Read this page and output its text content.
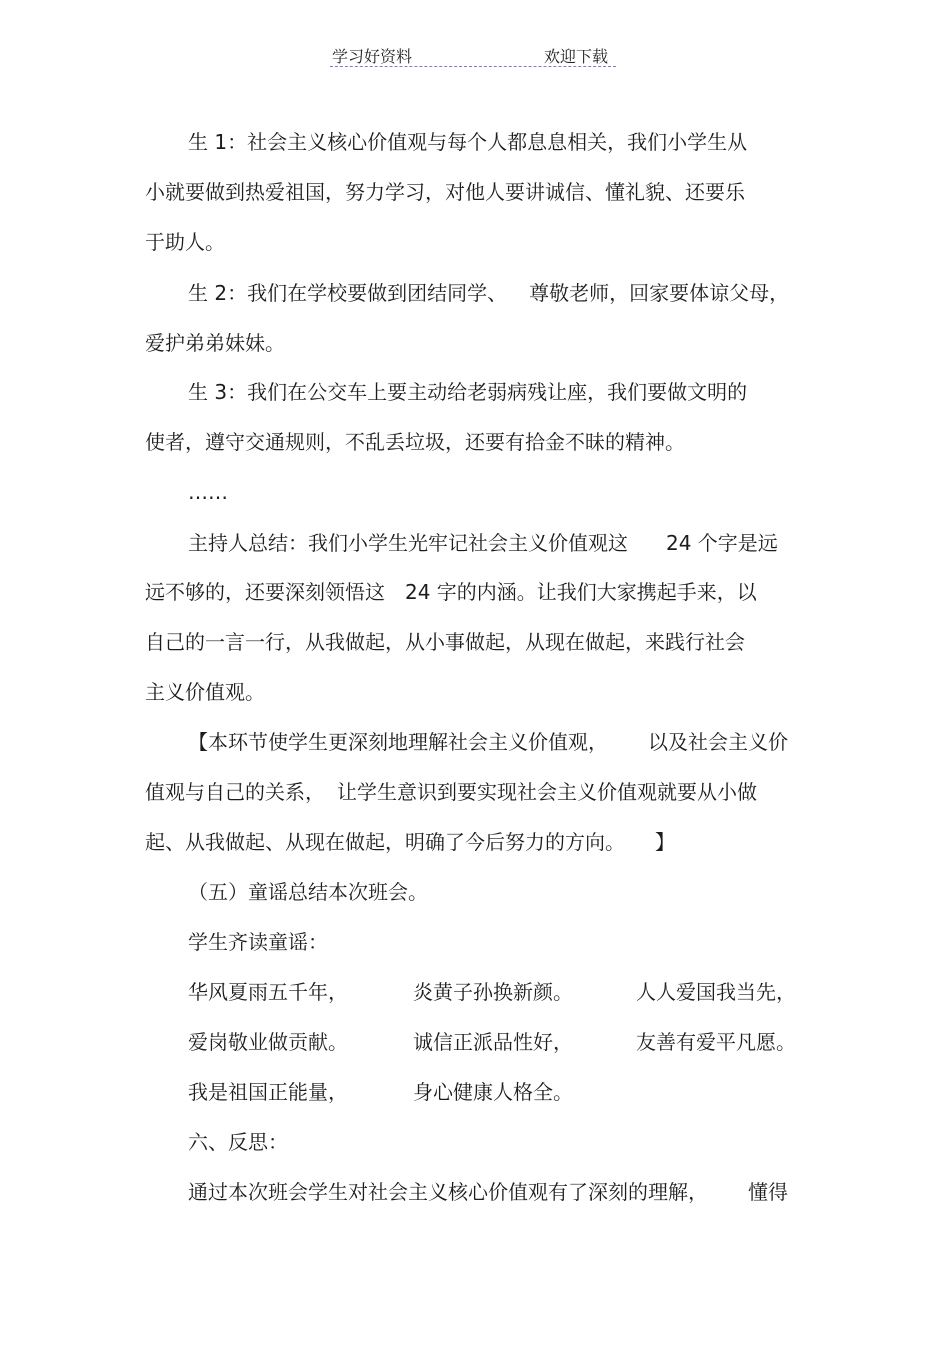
学习好资料	欢迎下载
生 1：社会主义核心价值观与每个人都息息相关，我们小学生从
小就要做到热爱祖国，努力学习，对他人要讲诚信、懂礼貌、还要乐
于助人。
生 2：我们在学校要做到团结同学、 尊敬老师，回家要体谅父母，
爱护弟弟妹妹。
生 3：我们在公交车上要主动给老弱病残让座，我们要做文明的
使者，遵守交通规则，不乱丢垃圾，还要有拾金不昧的精神。
……
主持人总结：我们小学生光牢记社会主义价值观这 24 个字是远
远不够的，还要深刻领悟这 24 字的内涵。让我们大家携起手来，以
自己的一言一行，从我做起，从小事做起，从现在做起，来践行社会
主义价值观。
【本环节使学生更深刻地理解社会主义价值观， 以及社会主义价
值观与自己的关系， 让学生意识到要实现社会主义价值观就要从小做
起、从我做起、从现在做起，明确了今后努力的方向。 】
（五）童谣总结本次班会。
学生齐读童谣：
华风夏雨五千年，	炎黄子孙换新颜。	人人爱国我当先，
爱岗敬业做贡献。	诚信正派品性好，	友善有爱平凡愿。
我是祖国正能量，	身心健康人格全。
六、反思：
通过本次班会学生对社会主义核心价值观有了深刻的理解， 懂得
